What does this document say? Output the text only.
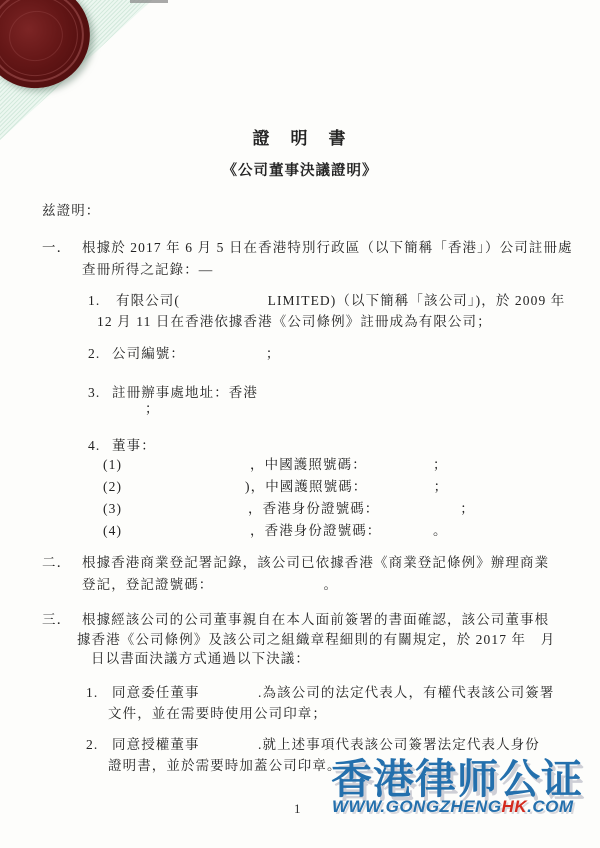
證　明　書
《公司董事決議證明》
兹證明：
一． 根據於 2017 年 6 月 5 日在香港特別行政區（以下簡稱「香港」）公司註冊處
查冊所得之記錄：—
1. 有限公司(　　　　　　LIMITED)（以下簡稱「該公司」)，於 2009 年
12 月 11 日在香港依據香港《公司條例》註冊成為有限公司；
2. 公司編號：　　　　　　；
3. 註冊辦事處地址：香港
；
4. 董事：
(1)	，中國護照號碼：　　　　　；
(2)	)，中國護照號碼：　　　　　；
(3)	，香港身份證號碼：　　　　　　；
(4)	，香港身份證號碼：　　　　。
二． 根據香港商業登記署記錄，該公司已依據香港《商業登記條例》辦理商業
登記，登記證號碼：　　　　　　　　。
三． 根據經該公司的公司董事親自在本人面前簽署的書面確認，該公司董事根
據香港《公司條例》及該公司之組織章程細則的有關規定，於 2017 年　月
日以書面決議方式通過以下決議：
1. 同意委任董事　　　　.為該公司的法定代表人，有權代表該公司簽署
文件，並在需要時使用公司印章；
2. 同意授權董事　　　　.就上述事項代表該公司簽署法定代表人身份
證明書，並於需要時加蓋公司印章。
香港律师公证
WWW.GONGZHENGHK.COM
1
